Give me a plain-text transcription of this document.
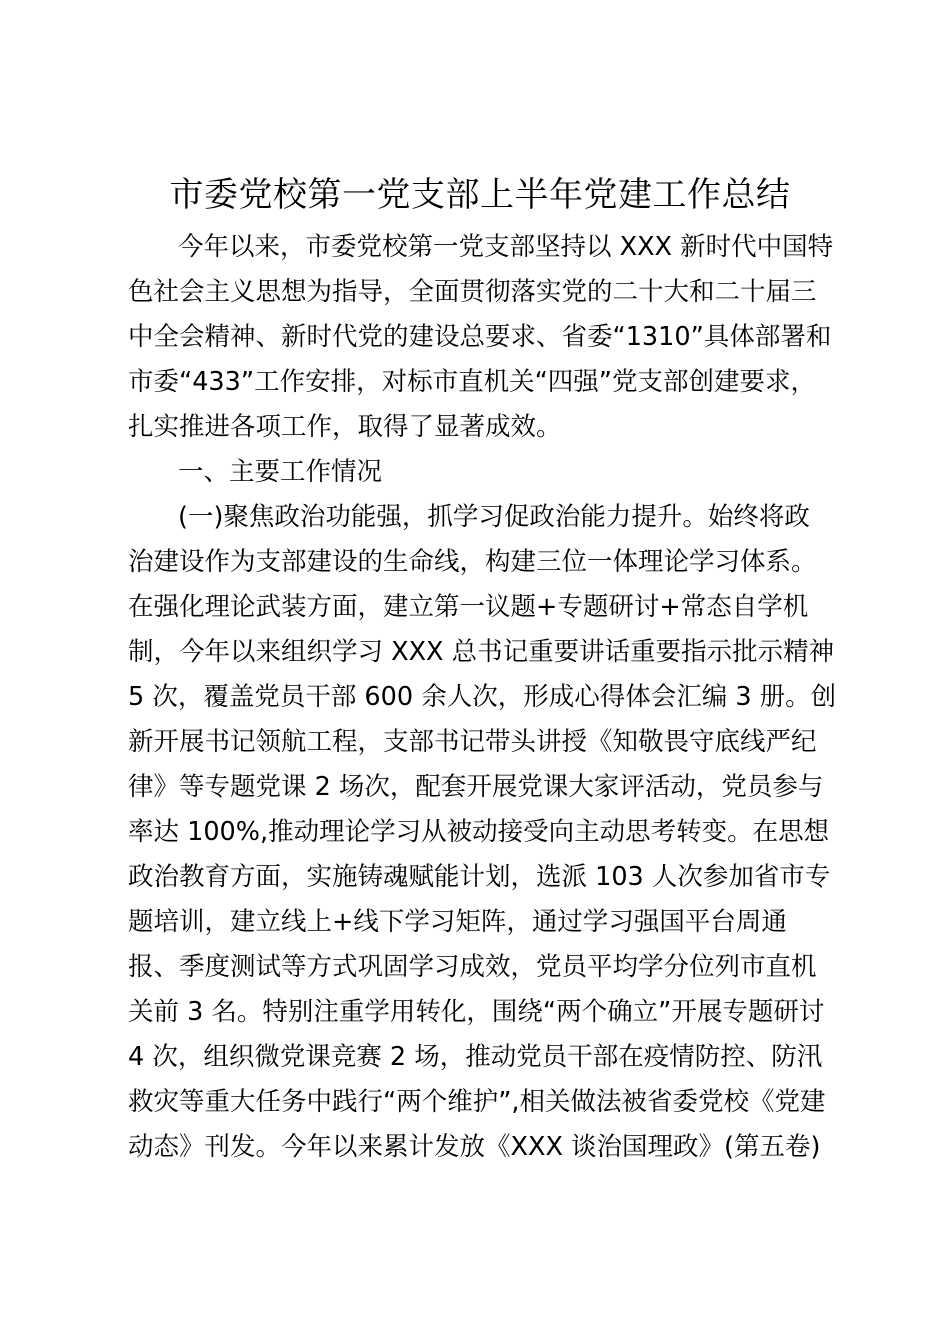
市委党校第一党支部上半年党建工作总结
今年以来，市委党校第一党支部坚持以 XXX 新时代中国特
色社会主义思想为指导，全面贯彻落实党的二十大和二十届三
中全会精神、新时代党的建设总要求、省委“1310”具体部署和
市委“433”工作安排，对标市直机关“四强”党支部创建要求，
扎实推进各项工作，取得了显著成效。
一、主要工作情况
(一)聚焦政治功能强，抓学习促政治能力提升。始终将政
治建设作为支部建设的生命线，构建三位一体理论学习体系。
在强化理论武装方面，建立第一议题+专题研讨+常态自学机
制，今年以来组织学习 XXX 总书记重要讲话重要指示批示精神
5 次，覆盖党员干部 600 余人次，形成心得体会汇编 3 册。创
新开展书记领航工程，支部书记带头讲授《知敬畏守底线严纪
律》等专题党课 2 场次，配套开展党课大家评活动，党员参与
率达 100%,推动理论学习从被动接受向主动思考转变。在思想
政治教育方面，实施铸魂赋能计划，选派 103 人次参加省市专
题培训，建立线上+线下学习矩阵，通过学习强国平台周通
报、季度测试等方式巩固学习成效，党员平均学分位列市直机
关前 3 名。特别注重学用转化，围绕“两个确立”开展专题研讨
4 次，组织微党课竞赛 2 场，推动党员干部在疫情防控、防汛
救灾等重大任务中践行“两个维护”,相关做法被省委党校《党建
动态》刊发。今年以来累计发放《XXX 谈治国理政》(第五卷)
